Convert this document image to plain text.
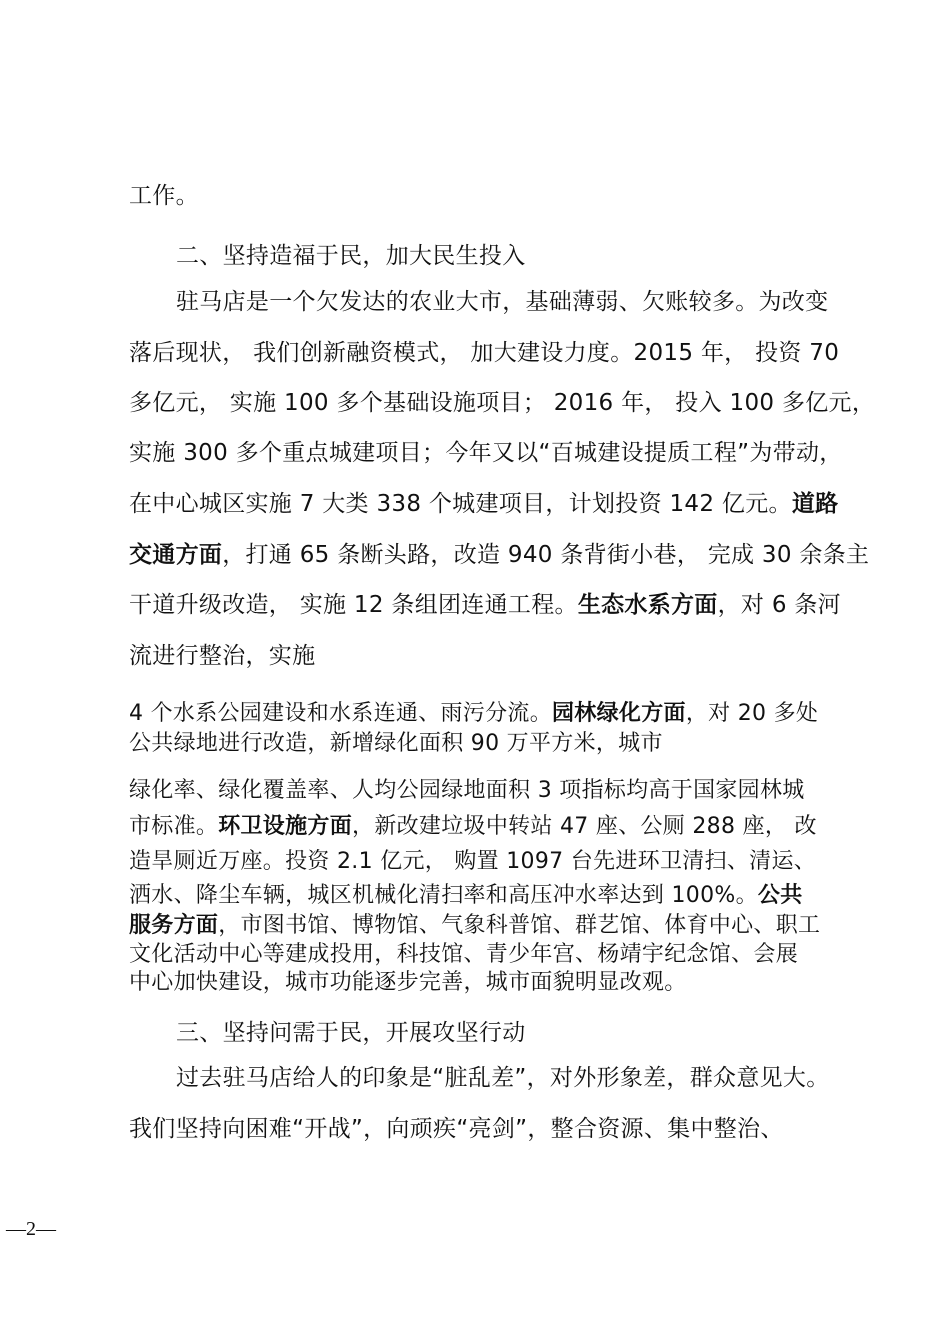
工作。
二、坚持造福于民，加大民生投入
驻马店是一个欠发达的农业大市，基础薄弱、欠账较多。为改变
落后现状， 我们创新融资模式， 加大建设力度。2015 年， 投资 70
多亿元， 实施 100 多个基础设施项目； 2016 年， 投入 100 多亿元，
实施 300 多个重点城建项目；今年又以“百城建设提质工程”为带动，
在中心城区实施 7 大类 338 个城建项目，计划投资 142 亿元。道路
交通方面，打通 65 条断头路，改造 940 条背街小巷， 完成 30 余条主
干道升级改造， 实施 12 条组团连通工程。生态水系方面，对 6 条河
流进行整治，实施
4 个水系公园建设和水系连通、雨污分流。园林绿化方面，对 20 多处
公共绿地进行改造，新增绿化面积 90 万平方米，城市
绿化率、绿化覆盖率、人均公园绿地面积 3 项指标均高于国家园林城
市标准。环卫设施方面，新改建垃圾中转站 47 座、公厕 288 座， 改
造旱厕近万座。投资 2.1 亿元， 购置 1097 台先进环卫清扫、清运、
洒水、降尘车辆，城区机械化清扫率和高压冲水率达到 100%。公共
服务方面，市图书馆、博物馆、气象科普馆、群艺馆、体育中心、职工
文化活动中心等建成投用，科技馆、青少年宫、杨靖宇纪念馆、会展
中心加快建设，城市功能逐步完善，城市面貌明显改观。
三、坚持问需于民，开展攻坚行动
过去驻马店给人的印象是“脏乱差”，对外形象差，群众意见大。
我们坚持向困难“开战”，向顽疾“亮剑”，整合资源、集中整治、
—2—
